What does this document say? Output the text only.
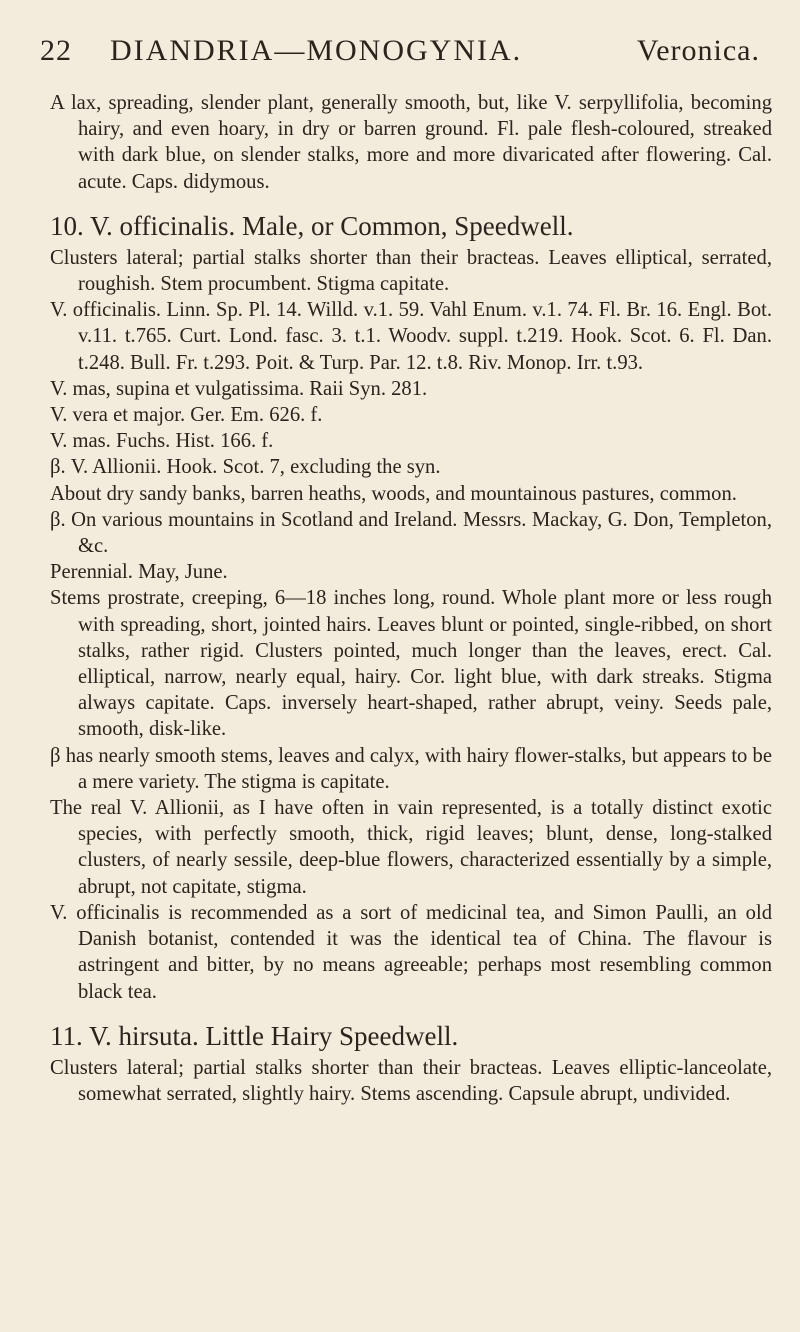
22 DIANDRIA—MONOGYNIA.	Veronica.

A lax, spreading, slender plant, generally smooth, but, like V. serpyllifolia, becoming hairy, and even hoary, in dry or barren ground. Fl. pale flesh-coloured, streaked with dark blue, on slender stalks, more and more divaricated after flowering. Cal. acute. Caps. didymous.

10. V. officinalis. Male, or Common, Speedwell.

Clusters lateral; partial stalks shorter than their bracteas. Leaves elliptical, serrated, roughish. Stem procumbent. Stigma capitate.

V. officinalis. Linn. Sp. Pl. 14. Willd. v.1. 59. Vahl Enum. v.1. 74. Fl. Br. 16. Engl. Bot. v.11. t.765. Curt. Lond. fasc. 3. t.1. Woodv. suppl. t.219. Hook. Scot. 6. Fl. Dan. t.248. Bull. Fr. t.293. Poit. & Turp. Par. 12. t.8. Riv. Monop. Irr. t.93.

V. mas, supina et vulgatissima. Raii Syn. 281.

V. vera et major. Ger. Em. 626. f.

V. mas. Fuchs. Hist. 166. f.

β. V. Allionii. Hook. Scot. 7, excluding the syn.

About dry sandy banks, barren heaths, woods, and mountainous pastures, common.

β. On various mountains in Scotland and Ireland. Messrs. Mackay, G. Don, Templeton, &c.

Perennial. May, June.

Stems prostrate, creeping, 6—18 inches long, round. Whole plant more or less rough with spreading, short, jointed hairs. Leaves blunt or pointed, single-ribbed, on short stalks, rather rigid. Clusters pointed, much longer than the leaves, erect. Cal. elliptical, narrow, nearly equal, hairy. Cor. light blue, with dark streaks. Stigma always capitate. Caps. inversely heart-shaped, rather abrupt, veiny. Seeds pale, smooth, disk-like.

β has nearly smooth stems, leaves and calyx, with hairy flower-stalks, but appears to be a mere variety. The stigma is capitate.

The real V. Allionii, as I have often in vain represented, is a totally distinct exotic species, with perfectly smooth, thick, rigid leaves; blunt, dense, long-stalked clusters, of nearly sessile, deep-blue flowers, characterized essentially by a simple, abrupt, not capitate, stigma.

V. officinalis is recommended as a sort of medicinal tea, and Simon Paulli, an old Danish botanist, contended it was the identical tea of China. The flavour is astringent and bitter, by no means agreeable; perhaps most resembling common black tea.

11. V. hirsuta. Little Hairy Speedwell.

Clusters lateral; partial stalks shorter than their bracteas. Leaves elliptic-lanceolate, somewhat serrated, slightly hairy. Stems ascending. Capsule abrupt, undivided.
